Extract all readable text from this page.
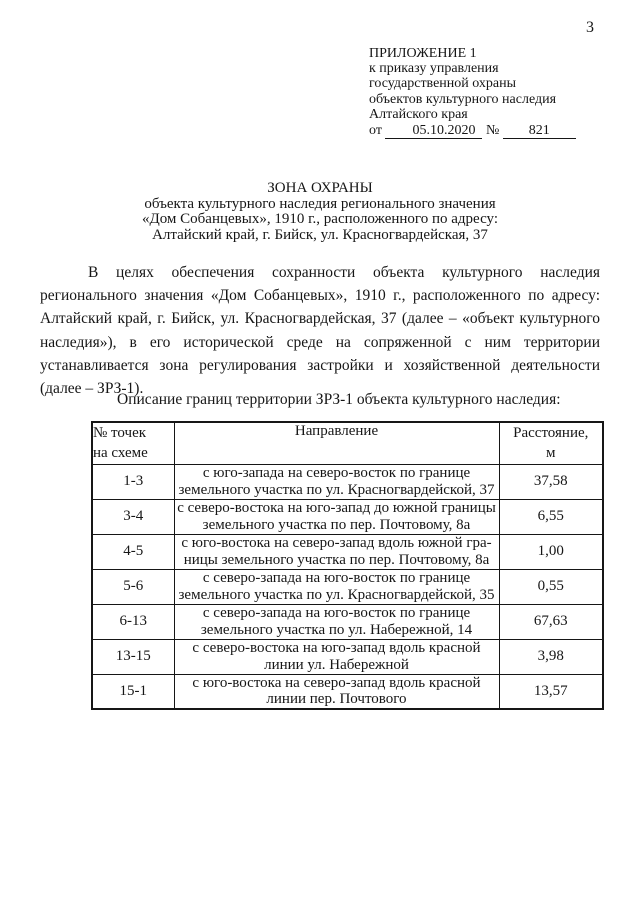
3
ПРИЛОЖЕНИЕ 1
к приказу управления
государственной охраны
объектов культурного наследия
Алтайского края
от 05.10.2020 № 821
ЗОНА ОХРАНЫ
объекта культурного наследия регионального значения
«Дом Собанцевых», 1910 г., расположенного по адресу:
Алтайский край, г. Бийск, ул. Красногвардейская, 37

В целях обеспечения сохранности объекта культурного наследия регионального значения «Дом Собанцевых», 1910 г., расположенного по адресу: Алтайский край, г. Бийск, ул. Красногвардейская, 37 (далее – «объект культурного наследия»), в его исторической среде на сопряженной с ним территории устанавливается зона регулирования застройки и хозяйственной деятельности (далее – ЗРЗ-1).

Описание границ территории ЗРЗ-1 объекта культурного наследия:

№ точек
на схеме	Направление	Расстояние,
м

1-3	с юго-запада на северо-восток по границе
земельного участка по ул. Красногвардейской, 37	37,58
3-4	с северо-востока на юго-запад до южной границы
земельного участка по пер. Почтовому, 8а	6,55
4-5	с юго-востока на северо-запад вдоль южной гра-
ницы земельного участка по пер. Почтовому, 8а	1,00
5-6	с северо-запада на юго-восток по границе
земельного участка по ул. Красногвардейской, 35	0,55
6-13	с северо-запада на юго-восток по границе
земельного участка по ул. Набережной, 14	67,63
13-15	с северо-востока на юго-запад вдоль красной
линии ул. Набережной	3,98
15-1	с юго-востока на северо-запад вдоль красной
линии пер. Почтового	13,57
